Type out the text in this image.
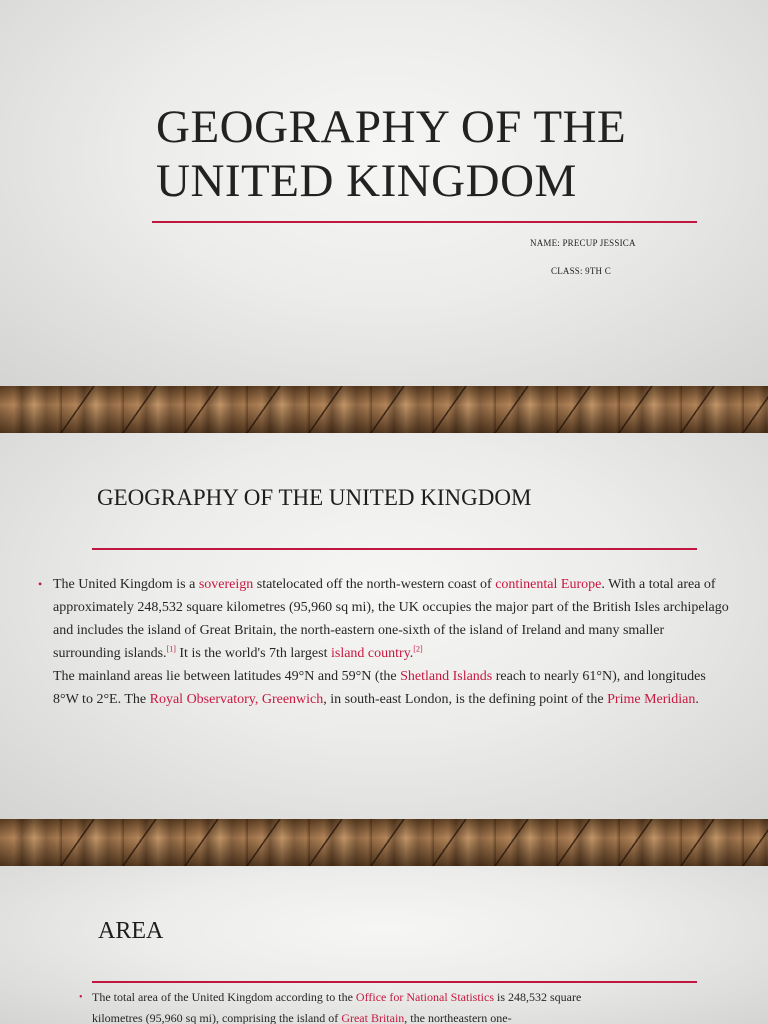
GEOGRAPHY OF THE
UNITED KINGDOM
NAME: PRECUP JESSICA
CLASS: 9TH C
GEOGRAPHY OF THE UNITED KINGDOM
• The United Kingdom is a sovereign statelocated off the north-western coast of continental Europe. With a total area of approximately 248,532 square kilometres (95,960 sq mi), the UK occupies the major part of the British Isles archipelago and includes the island of Great Britain, the north-eastern one-sixth of the island of Ireland and many smaller surrounding islands.[1] It is the world's 7th largest island country.[2]
The mainland areas lie between latitudes 49°N and 59°N (the Shetland Islands reach to nearly 61°N), and longitudes 8°W to 2°E. The Royal Observatory, Greenwich, in south-east London, is the defining point of the Prime Meridian.
AREA
• The total area of the United Kingdom according to the Office for National Statistics is 248,532 square kilometres (95,960 sq mi), comprising the island of Great Britain, the northeastern one-
